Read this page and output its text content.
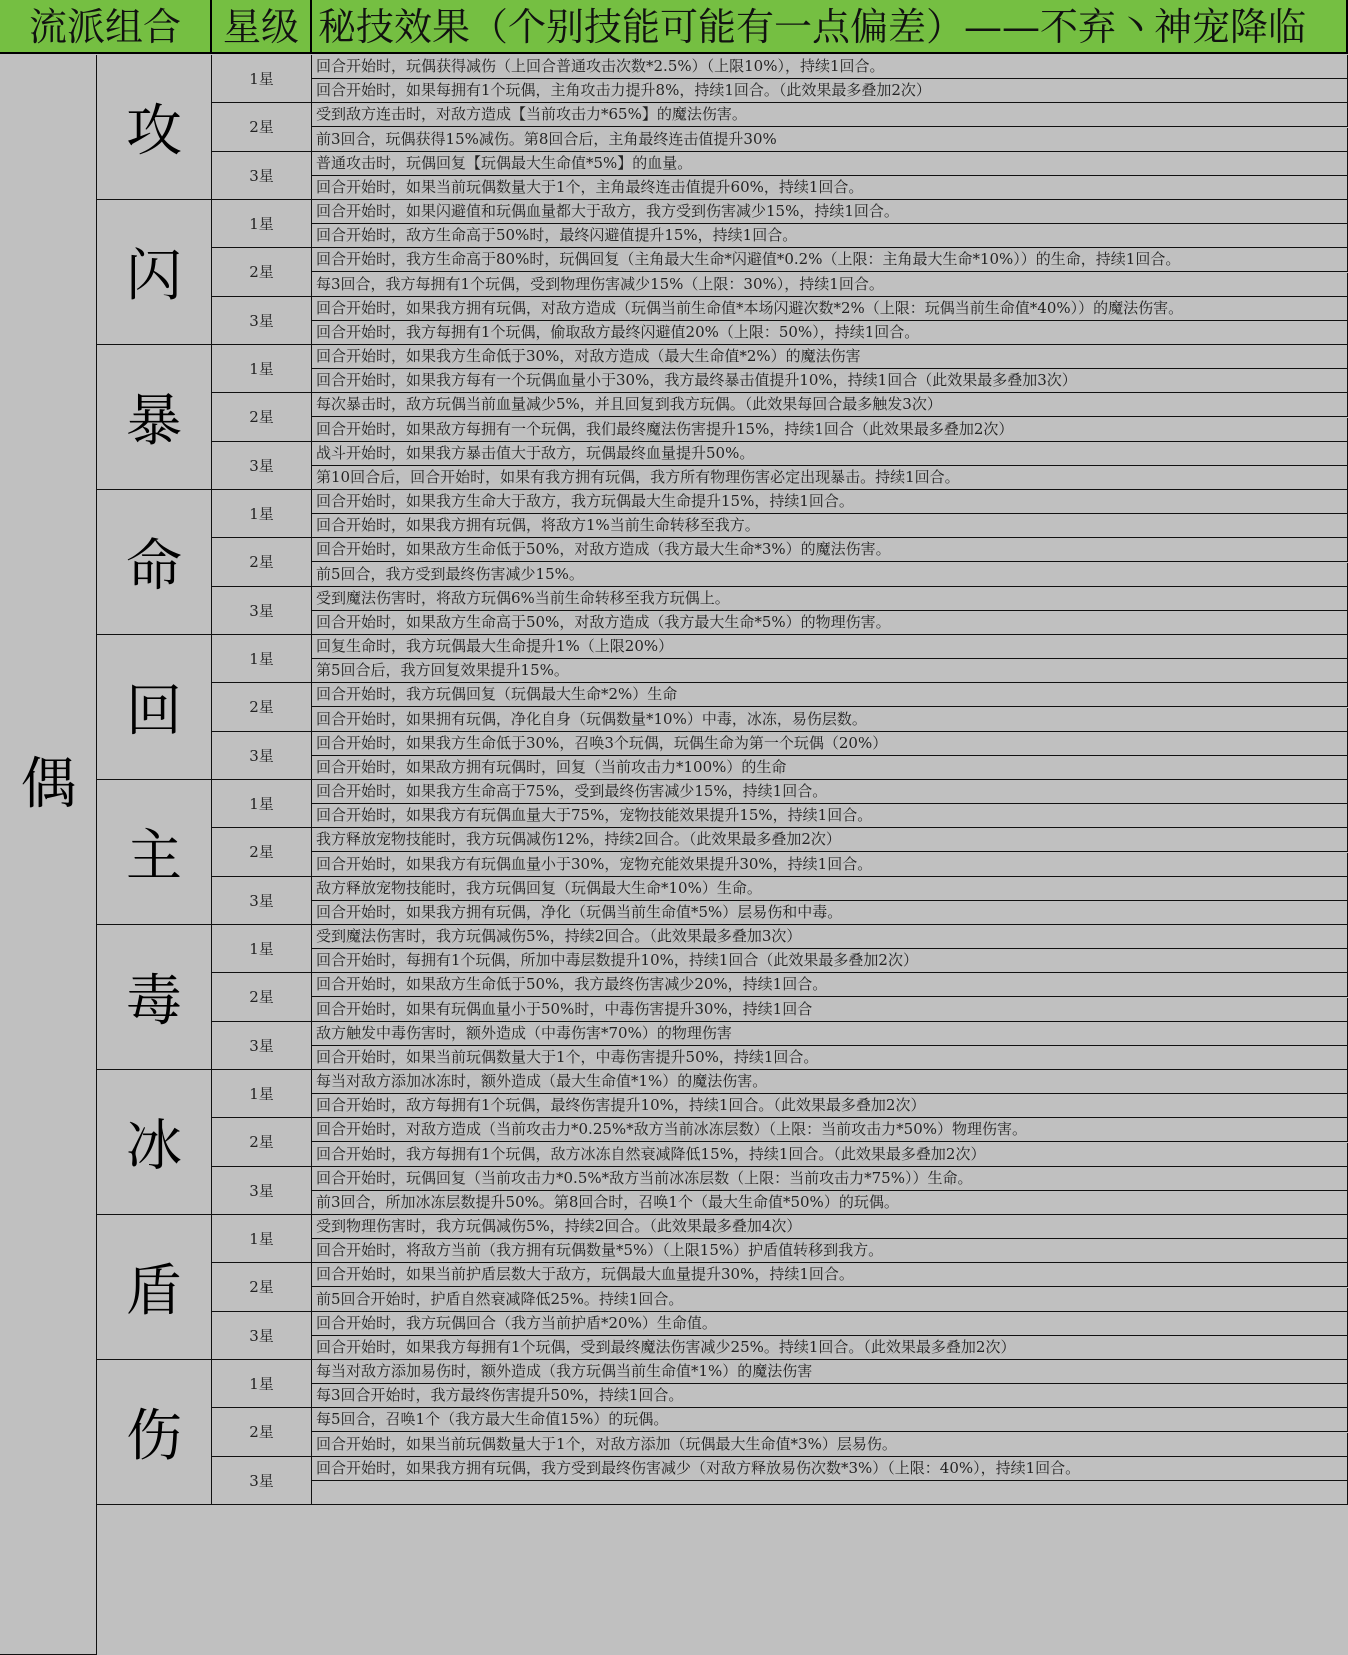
流派组合	星级 秘技效果（个别技能可能有一点偏差）——不弃丶神宠降临
偶
攻
1星
回合开始时，玩偶获得减伤（上回合普通攻击次数*2.5%）（上限10%），持续1回合。
回合开始时，如果每拥有1个玩偶，主角攻击力提升8%，持续1回合。（此效果最多叠加2次）
2星
受到敌方连击时，对敌方造成【当前攻击力*65%】的魔法伤害。
前3回合，玩偶获得15%减伤。第8回合后，主角最终连击值提升30%
3星
普通攻击时，玩偶回复【玩偶最大生命值*5%】的血量。
回合开始时，如果当前玩偶数量大于1个，主角最终连击值提升60%，持续1回合。
闪
1星
回合开始时，如果闪避值和玩偶血量都大于敌方，我方受到伤害减少15%，持续1回合。
回合开始时，敌方生命高于50%时，最终闪避值提升15%，持续1回合。
2星
回合开始时，我方生命高于80%时，玩偶回复（主角最大生命*闪避值*0.2%（上限：主角最大生命*10%））的生命，持续1回合。
每3回合，我方每拥有1个玩偶，受到物理伤害减少15%（上限：30%），持续1回合。
3星
回合开始时，如果我方拥有玩偶，对敌方造成（玩偶当前生命值*本场闪避次数*2%（上限：玩偶当前生命值*40%））的魔法伤害。
回合开始时，我方每拥有1个玩偶，偷取敌方最终闪避值20%（上限：50%），持续1回合。
暴
1星
回合开始时，如果我方生命低于30%，对敌方造成（最大生命值*2%）的魔法伤害
回合开始时，如果我方每有一个玩偶血量小于30%，我方最终暴击值提升10%，持续1回合（此效果最多叠加3次）
2星
每次暴击时，敌方玩偶当前血量减少5%，并且回复到我方玩偶。（此效果每回合最多触发3次）
回合开始时，如果敌方每拥有一个玩偶，我们最终魔法伤害提升15%，持续1回合（此效果最多叠加2次）
3星
战斗开始时，如果我方暴击值大于敌方，玩偶最终血量提升50%。
第10回合后，回合开始时，如果有我方拥有玩偶，我方所有物理伤害必定出现暴击。持续1回合。
命
1星
回合开始时，如果我方生命大于敌方，我方玩偶最大生命提升15%，持续1回合。
回合开始时，如果我方拥有玩偶，将敌方1%当前生命转移至我方。
2星
回合开始时，如果敌方生命低于50%，对敌方造成（我方最大生命*3%）的魔法伤害。
前5回合，我方受到最终伤害减少15%。
3星
受到魔法伤害时，将敌方玩偶6%当前生命转移至我方玩偶上。
回合开始时，如果敌方生命高于50%，对敌方造成（我方最大生命*5%）的物理伤害。
回
1星
回复生命时，我方玩偶最大生命提升1%（上限20%）
第5回合后，我方回复效果提升15%。
2星
回合开始时，我方玩偶回复（玩偶最大生命*2%）生命
回合开始时，如果拥有玩偶，净化自身（玩偶数量*10%）中毒，冰冻，易伤层数。
3星
回合开始时，如果我方生命低于30%，召唤3个玩偶，玩偶生命为第一个玩偶（20%）
回合开始时，如果敌方拥有玩偶时，回复（当前攻击力*100%）的生命
主
1星
回合开始时，如果我方生命高于75%，受到最终伤害减少15%，持续1回合。
回合开始时，如果我方有玩偶血量大于75%，宠物技能效果提升15%，持续1回合。
2星
我方释放宠物技能时，我方玩偶减伤12%，持续2回合。（此效果最多叠加2次）
回合开始时，如果我方有玩偶血量小于30%，宠物充能效果提升30%，持续1回合。
3星
敌方释放宠物技能时，我方玩偶回复（玩偶最大生命*10%）生命。
回合开始时，如果我方拥有玩偶，净化（玩偶当前生命值*5%）层易伤和中毒。
毒
1星
受到魔法伤害时，我方玩偶减伤5%，持续2回合。（此效果最多叠加3次）
回合开始时，每拥有1个玩偶，所加中毒层数提升10%，持续1回合（此效果最多叠加2次）
2星
回合开始时，如果敌方生命低于50%，我方最终伤害减少20%，持续1回合。
回合开始时，如果有玩偶血量小于50%时，中毒伤害提升30%，持续1回合
3星
敌方触发中毒伤害时，额外造成（中毒伤害*70%）的物理伤害
回合开始时，如果当前玩偶数量大于1个，中毒伤害提升50%，持续1回合。
冰
1星
每当对敌方添加冰冻时，额外造成（最大生命值*1%）的魔法伤害。
回合开始时，敌方每拥有1个玩偶，最终伤害提升10%，持续1回合。（此效果最多叠加2次）
2星
回合开始时，对敌方造成（当前攻击力*0.25%*敌方当前冰冻层数）（上限：当前攻击力*50%）物理伤害。
回合开始时，我方每拥有1个玩偶，敌方冰冻自然衰减降低15%，持续1回合。（此效果最多叠加2次）
3星
回合开始时，玩偶回复（当前攻击力*0.5%*敌方当前冰冻层数（上限：当前攻击力*75%））生命。
前3回合，所加冰冻层数提升50%。第8回合时，召唤1个（最大生命值*50%）的玩偶。
盾
1星
受到物理伤害时，我方玩偶减伤5%，持续2回合。（此效果最多叠加4次）
回合开始时，将敌方当前（我方拥有玩偶数量*5%）（上限15%）护盾值转移到我方。
2星
回合开始时，如果当前护盾层数大于敌方，玩偶最大血量提升30%，持续1回合。
前5回合开始时，护盾自然衰减降低25%。持续1回合。
3星
回合开始时，我方玩偶回合（我方当前护盾*20%）生命值。
回合开始时，如果我方每拥有1个玩偶，受到最终魔法伤害减少25%。持续1回合。（此效果最多叠加2次）
伤
1星
每当对敌方添加易伤时，额外造成（我方玩偶当前生命值*1%）的魔法伤害
每3回合开始时，我方最终伤害提升50%，持续1回合。
2星
每5回合，召唤1个（我方最大生命值15%）的玩偶。
回合开始时，如果当前玩偶数量大于1个，对敌方添加（玩偶最大生命值*3%）层易伤。
3星
回合开始时，如果我方拥有玩偶，我方受到最终伤害减少（对敌方释放易伤次数*3%）（上限：40%），持续1回合。
